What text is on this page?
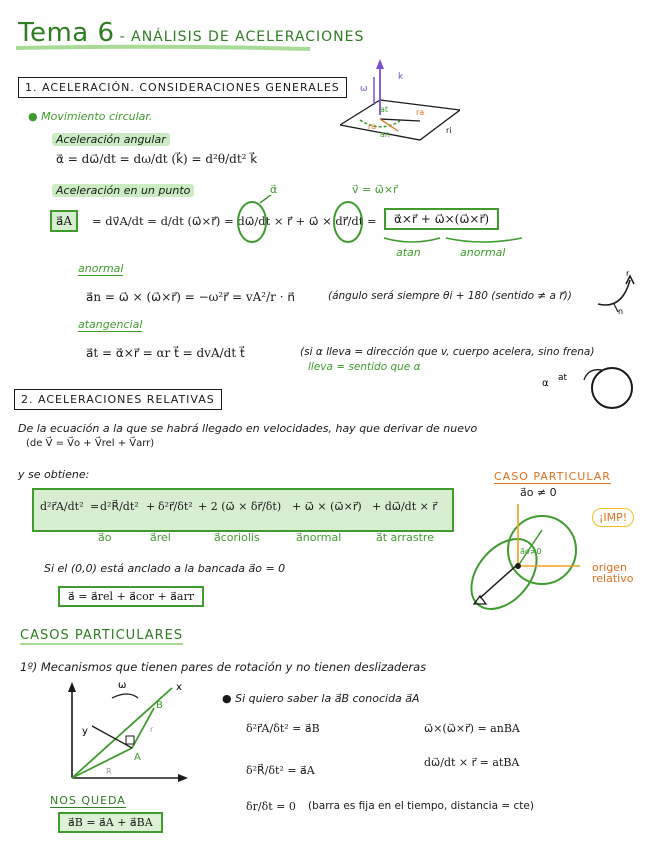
Tema 6 - ANÁLISIS DE ACELERACIONES
1. ACELERACIÓN. CONSIDERACIONES GENERALES
● Movimiento circular.
Aceleración angular
α⃗ = dω⃗/dt = dω/dt (k⃗) = d²θ/dt² k⃗
Aceleración en un punto
a⃗A	= dv⃗A/dt = d/dt (ω⃗×r⃗) = dω⃗/dt × r⃗ + ω⃗ × dr⃗/dt =	α⃗×r⃗ + ω⃗×(ω⃗×r⃗)
α⃗	v⃗ = ω⃗×r⃗
atan	anormal
anormal
a⃗n = ω⃗ × (ω⃗×r⃗) = −ω²r⃗ = vA²/r · n⃗	(ángulo será siempre θi + 180 (sentido ≠ a r⃗))
r
n
atangencial
a⃗t = α⃗×r⃗ = αr t⃗ = dvA/dt t⃗	(si α lleva = dirección que v, cuerpo acelera, sino frena)
lleva = sentido que α
α at
k
ω
at
an
ra
ri
ra
2. ACELERACIONES RELATIVAS
De la ecuación a la que se habrá llegado en velocidades, hay que derivar de nuevo
(de V⃗ = V⃗o + V⃗rel + V⃗arr)
y se obtiene:
d²r⃗A/dt² = d²R⃗/dt² + δ²r⃗/δt² + 2 (ω⃗ × δr⃗/δt) + ω⃗ × (ω⃗×r⃗) + dω⃗/dt × r⃗
a⃗o	a⃗rel	a⃗coriolis	a⃗normal	a⃗t arrastre
Si el (0,0) está anclado a la bancada a⃗o = 0
a⃗ = a⃗rel + a⃗cor + a⃗arr
CASO PARTICULAR
a⃗o ≠ 0
¡IMP!
a⃗o≠0
origen relativo
CASOS PARTICULARES
1º) Mecanismos que tienen pares de rotación y no tienen deslizaderas
ω	x
y
A
B
R
r
● Si quiero saber la a⃗B conocida a⃗A
δ²r⃗A/δt² = a⃗B
δ²R⃗/δt² = a⃗A
δr/δt = 0 (barra es fija en el tiempo, distancia = cte)
ω⃗×(ω⃗×r⃗) = anBA
dω⃗/dt × r⃗ = atBA
NOS QUEDA
a⃗B = a⃗A + a⃗BA
